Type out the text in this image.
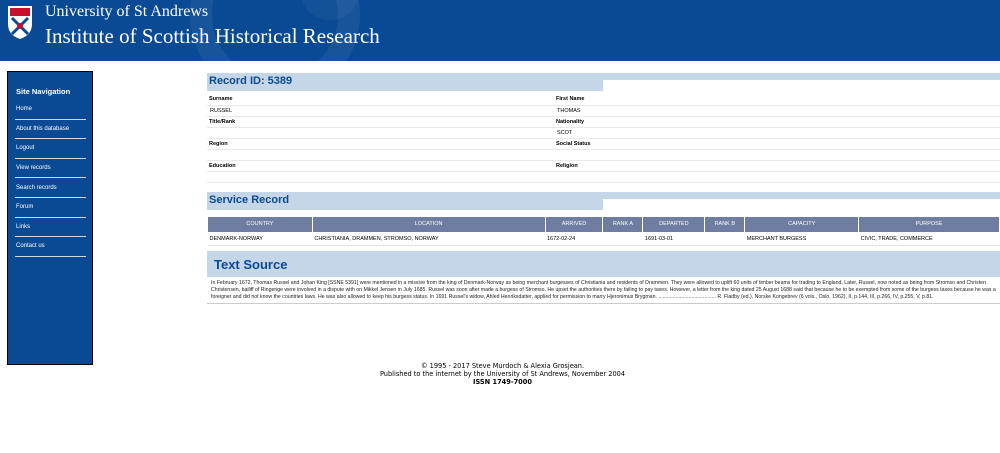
University of St Andrews
Institute of Scottish Historical Research
Site Navigation
Home
About this database
Logout
View records
Search records
Forum
Links
Contact us
Record ID: 5389
Surname	First Name
RUSSEL	THOMAS
Title/Rank	Nationality
	SCOT
Region	Social Status

Education	Religion

Service Record
COUNTRY	LOCATION	ARRIVED	RANK A	DEPARTED	RANK B	CAPACITY	PURPOSE
DENMARK-NORWAY	CHRISTIANIA, DRAMMEN, STROMSO, NORWAY	1672-02-24		1691-03-01		MERCHANT BURGESS	CIVIC, TRADE, COMMERCE
Text Source
In February 1672, Thomas Russel and Johan King [SSNE 5391] were mentioned in a missive from the king of Denmark-Norway as being merchant burgesses of Christiania and residents of Drammen. They were allowed to uplift 60 units of timber beams for trading to England. Later, Russel, now noted as being from Stromso and Christen Christensen, bailiff of Ringerige were involved in a dispute with on Mikkel Jensen in July 1685. Russel was soon after made a burgess of Stromso. He upset the authorities there by failing to pay taxes. However, a letter from the king dated 25 August 1688 said that because he to be exempted from some of the burgess taxes because he was a foreigner and did not know the countries laws. He was also allowed to keep his burgess status. In 1691 Russel's widow, Ahled Henriksdatter, applied for permission to marry Hjeronimus Brygman. ........................................ R. Fladby (ed.), Norske Kongebrev (6 vols., Oslo, 1962), II, p.144, III, p.266, IV, p.255, V, p.81.
© 1995 - 2017 Steve Murdoch & Alexia Grosjean.
Published to the internet by the University of St Andrews, November 2004
ISSN 1749-7000
